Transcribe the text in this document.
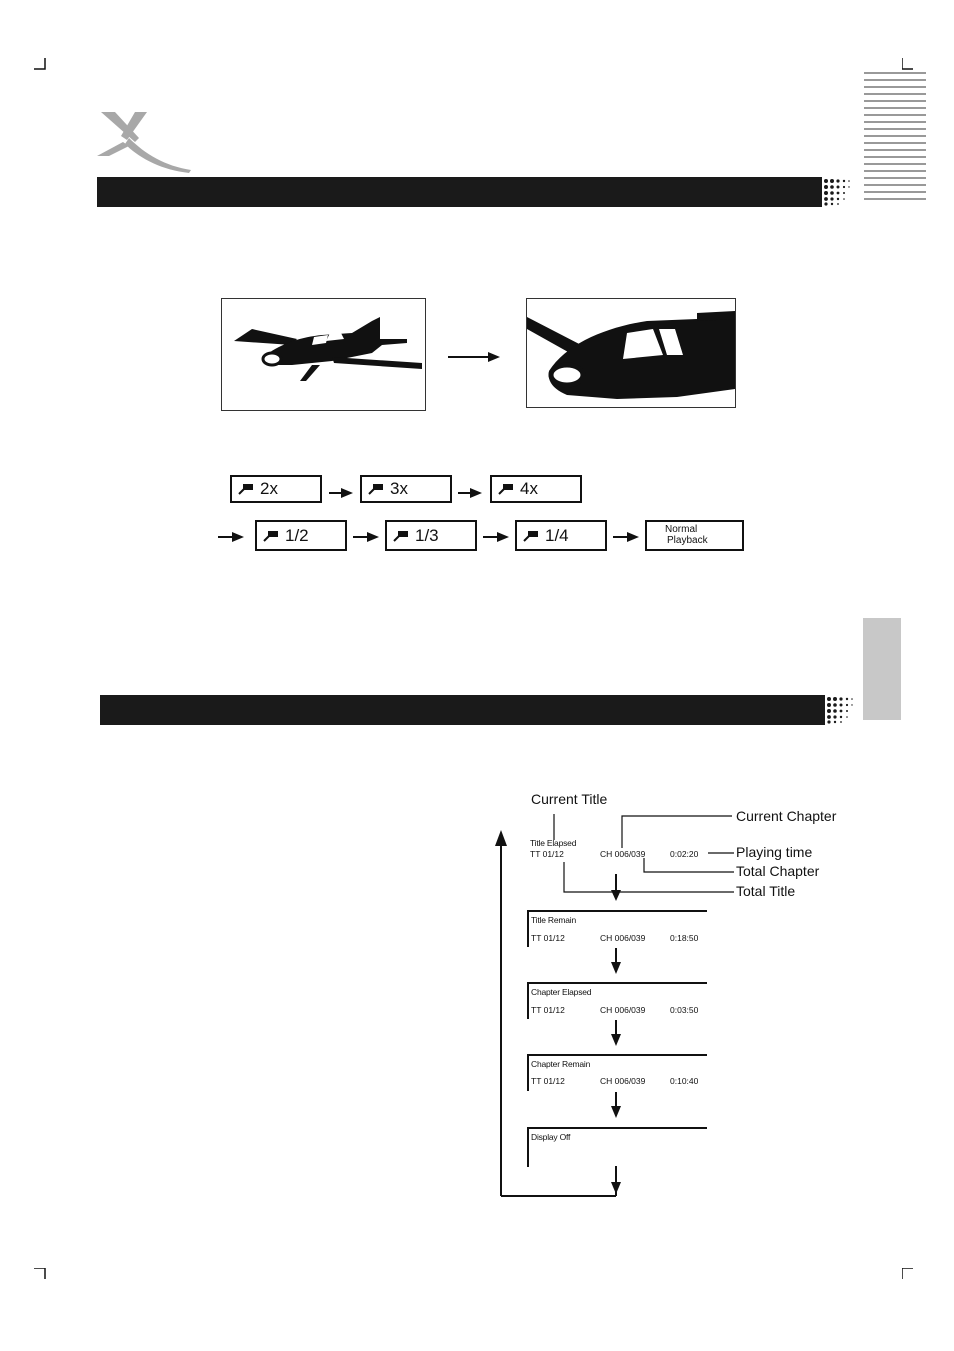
2x	3x	4x
1/2	1/3	1/4	Normal
Playback
Current Title
Current Chapter
Playing time
Total Chapter
Total Title
Title Elapsed
TT 01/12	CH 006/039	0:02:20
Title Remain
TT 01/12	CH 006/039	0:18:50
Chapter Elapsed
TT 01/12	CH 006/039	0:03:50
Chapter Remain
TT 01/12	CH 006/039	0:10:40
Display Off
